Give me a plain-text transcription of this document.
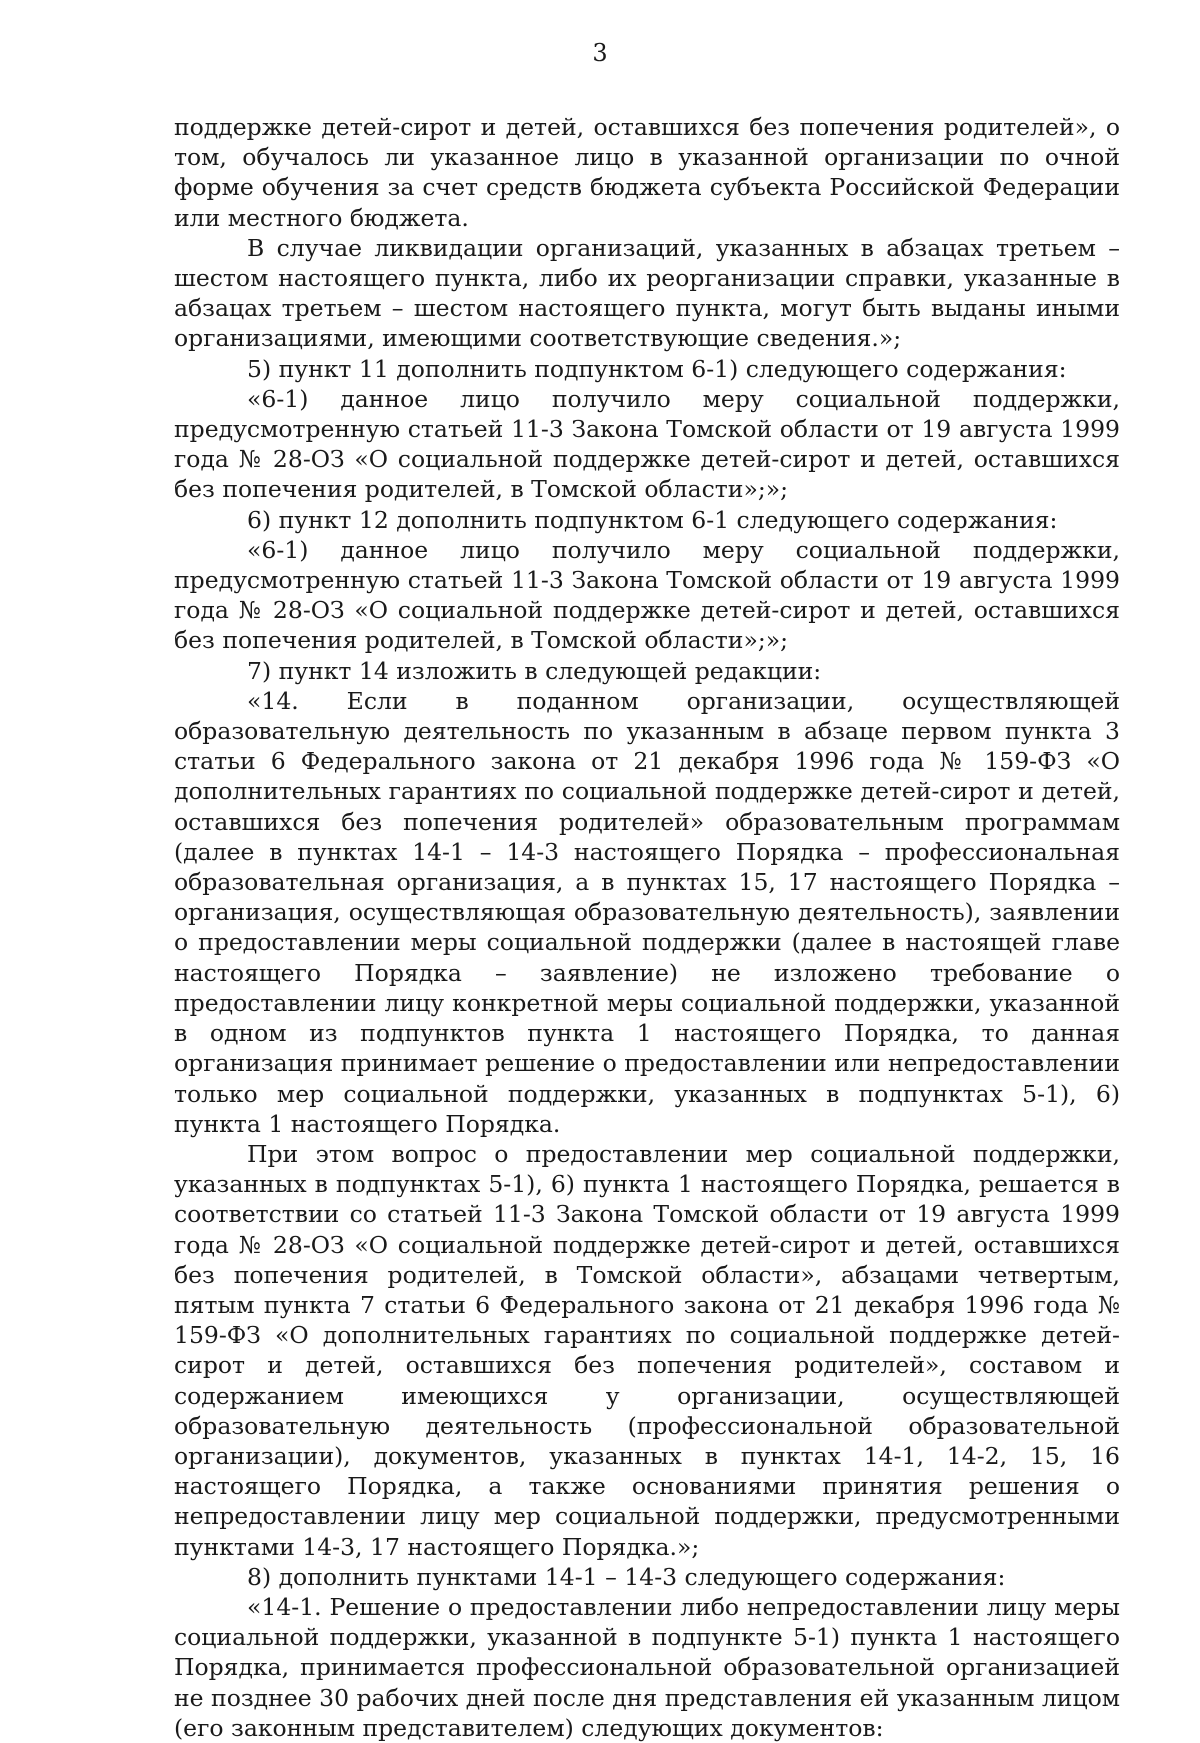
3

поддержке детей-сирот и детей, оставшихся без попечения родителей», о том, обучалось ли указанное лицо в указанной организации по очной форме обучения за счет средств бюджета субъекта Российской Федерации или местного бюджета.

В случае ликвидации организаций, указанных в абзацах третьем – шестом настоящего пункта, либо их реорганизации справки, указанные в абзацах третьем – шестом настоящего пункта, могут быть выданы иными организациями, имеющими соответствующие сведения.»;

5) пункт 11 дополнить подпунктом 6-1) следующего содержания:

«6-1) данное лицо получило меру социальной поддержки, предусмотренную статьей 11-3 Закона Томской области от 19 августа 1999 года № 28-ОЗ «О социальной поддержке детей-сирот и детей, оставшихся без попечения родителей, в Томской области»;»;

6) пункт 12 дополнить подпунктом 6-1 следующего содержания:

«6-1) данное лицо получило меру социальной поддержки, предусмотренную статьей 11-3 Закона Томской области от 19 августа 1999 года № 28-ОЗ «О социальной поддержке детей-сирот и детей, оставшихся без попечения родителей, в Томской области»;»;

7) пункт 14 изложить в следующей редакции:

«14. Если в поданном организации, осуществляющей образовательную деятельность по указанным в абзаце первом пункта 3 статьи 6 Федерального закона от 21 декабря 1996 года № 159-ФЗ «О дополнительных гарантиях по социальной поддержке детей-сирот и детей, оставшихся без попечения родителей» образовательным программам (далее в пунктах 14-1 – 14-3 настоящего Порядка – профессиональная образовательная организация, а в пунктах 15, 17 настоящего Порядка – организация, осуществляющая образовательную деятельность), заявлении о предоставлении меры социальной поддержки (далее в настоящей главе настоящего Порядка – заявление) не изложено требование о предоставлении лицу конкретной меры социальной поддержки, указанной в одном из подпунктов пункта 1 настоящего Порядка, то данная организация принимает решение о предоставлении или непредоставлении только мер социальной поддержки, указанных в подпунктах 5-1), 6) пункта 1 настоящего Порядка.

При этом вопрос о предоставлении мер социальной поддержки, указанных в подпунктах 5-1), 6) пункта 1 настоящего Порядка, решается в соответствии со статьей 11-3 Закона Томской области от 19 августа 1999 года № 28-ОЗ «О социальной поддержке детей-сирот и детей, оставшихся без попечения родителей, в Томской области», абзацами четвертым, пятым пункта 7 статьи 6 Федерального закона от 21 декабря 1996 года № 159-ФЗ «О дополнительных гарантиях по социальной поддержке детей-сирот и детей, оставшихся без попечения родителей», составом и содержанием имеющихся у организации, осуществляющей образовательную деятельность (профессиональной образовательной организации), документов, указанных в пунктах 14-1, 14-2, 15, 16 настоящего Порядка, а также основаниями принятия решения о непредоставлении лицу мер социальной поддержки, предусмотренными пунктами 14-3, 17 настоящего Порядка.»;

8) дополнить пунктами 14-1 – 14-3 следующего содержания:

«14-1. Решение о предоставлении либо непредоставлении лицу меры социальной поддержки, указанной в подпункте 5-1) пункта 1 настоящего Порядка, принимается профессиональной образовательной организацией не позднее 30 рабочих дней после дня представления ей указанным лицом (его законным представителем) следующих документов:
